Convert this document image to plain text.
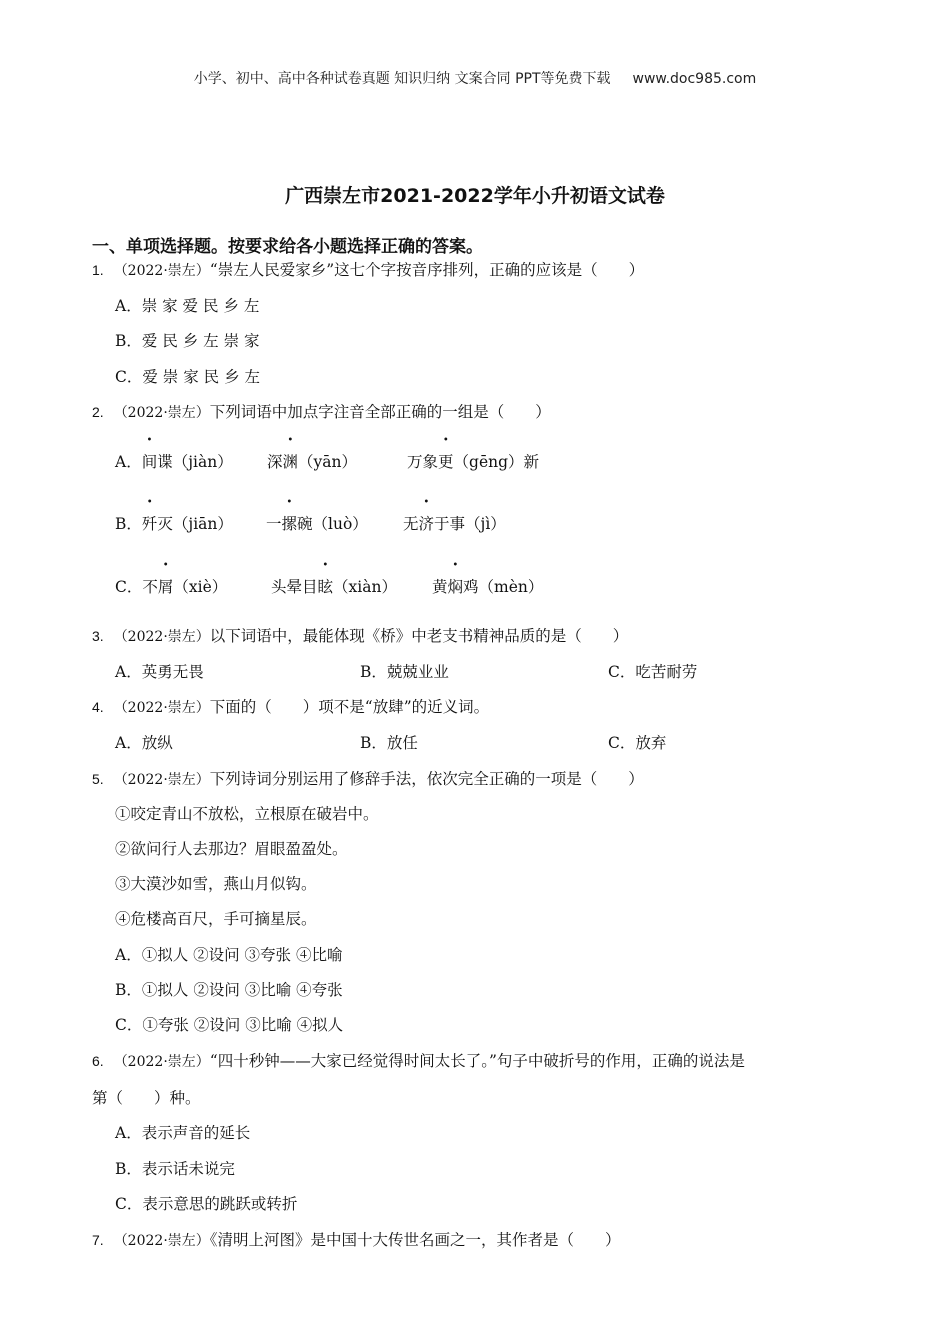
小学、初中、高中各种试卷真题 知识归纳 文案合同 PPT等免费下载 www.doc985.com
广西崇左市2021-2022学年小升初语文试卷
一、单项选择题。按要求给各小题选择正确的答案。
1. （2022·崇左）“崇左人民爱家乡”这七个字按音序排列，正确的应该是（　　）
A．崇 家 爱 民 乡 左
B．爱 民 乡 左 崇 家
C．爱 崇 家 民 乡 左
2. （2022·崇左）下列词语中加点字注音全部正确的一组是（　　）
A．间谍（jiàn） 深渊（yān）	万象更（gēng）新
B．歼灭（jiān） 一摞碗（luò） 无济于事（jì）
C．不屑（xiè）	头晕目眩（xiàn） 黄焖鸡（mèn）
3. （2022·崇左）以下词语中，最能体现《桥》中老支书精神品质的是（　　）
A．英勇无畏	B．兢兢业业	C．吃苦耐劳
4. （2022·崇左）下面的（　　）项不是“放肆”的近义词。
A．放纵	B．放任	C．放弃
5. （2022·崇左）下列诗词分别运用了修辞手法，依次完全正确的一项是（　　）
①咬定青山不放松，立根原在破岩中。
②欲问行人去那边？眉眼盈盈处。
③大漠沙如雪，燕山月似钩。
④危楼高百尺，手可摘星辰。
A．①拟人 ②设问 ③夸张 ④比喻
B．①拟人 ②设问 ③比喻 ④夸张
C．①夸张 ②设问 ③比喻 ④拟人
6. （2022·崇左）“四十秒钟——大家已经觉得时间太长了。”句子中破折号的作用，正确的说法是
第（　　）种。
A．表示声音的延长
B．表示话未说完
C．表示意思的跳跃或转折
7. （2022·崇左）《清明上河图》是中国十大传世名画之一，其作者是（　　）
